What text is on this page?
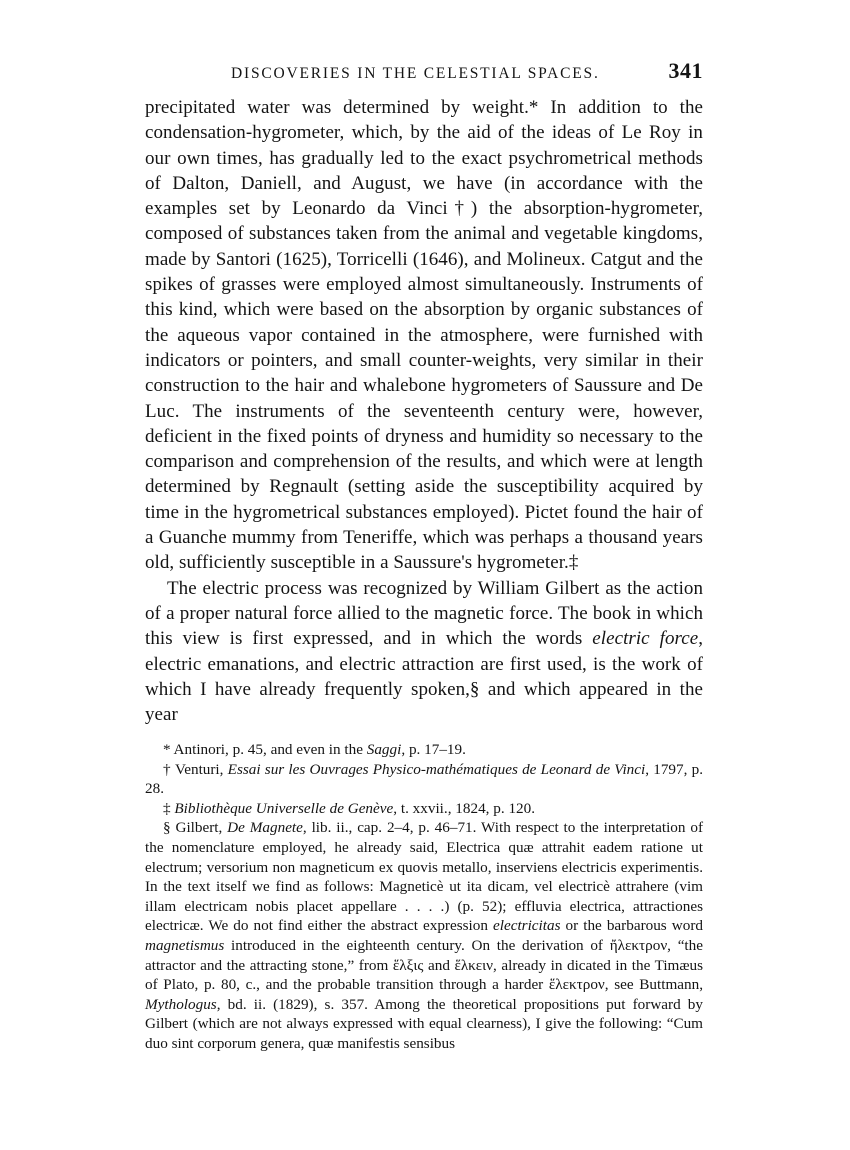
DISCOVERIES IN THE CELESTIAL SPACES.	341

precipitated water was determined by weight.* In addition to the condensation-hygrometer, which, by the aid of the ideas of Le Roy in our own times, has gradually led to the exact psychrometrical methods of Dalton, Daniell, and August, we have (in accordance with the examples set by Leonardo da Vinci†) the absorption-hygrometer, composed of substances taken from the animal and vegetable kingdoms, made by Santori (1625), Torricelli (1646), and Molineux. Catgut and the spikes of grasses were employed almost simultaneously. Instruments of this kind, which were based on the absorption by organic substances of the aqueous vapor contained in the atmosphere, were furnished with indicators or pointers, and small counter-weights, very similar in their construction to the hair and whalebone hygrometers of Saussure and De Luc. The instruments of the seventeenth century were, however, deficient in the fixed points of dryness and humidity so necessary to the comparison and comprehension of the results, and which were at length determined by Regnault (setting aside the susceptibility acquired by time in the hygrometrical substances employed). Pictet found the hair of a Guanche mummy from Teneriffe, which was perhaps a thousand years old, sufficiently susceptible in a Saussure's hygrometer.‡

The electric process was recognized by William Gilbert as the action of a proper natural force allied to the magnetic force. The book in which this view is first expressed, and in which the words electric force, electric emanations, and electric attraction are first used, is the work of which I have already frequently spoken,§ and which appeared in the year

* Antinori, p. 45, and even in the Saggi, p. 17–19.

† Venturi, Essai sur les Ouvrages Physico-mathématiques de Leonard de Vinci, 1797, p. 28.

‡ Bibliothèque Universelle de Genève, t. xxvii., 1824, p. 120.

§ Gilbert, De Magnete, lib. ii., cap. 2–4, p. 46–71. With respect to the interpretation of the nomenclature employed, he already said, Electrica quæ attrahit eadem ratione ut electrum; versorium non magneticum ex quovis metallo, inserviens electricis experimentis. In the text itself we find as follows: Magneticè ut ita dicam, vel electricè attrahere (vim illam electricam nobis placet appellare . . . .) (p. 52); effluvia electrica, attractiones electricæ. We do not find either the abstract expression electricitas or the barbarous word magnetismus introduced in the eighteenth century. On the derivation of ἤλεκτρον, “the attractor and the attracting stone,” from ἕλξις and ἕλκειν, already in dicated in the Timæus of Plato, p. 80, c., and the probable transition through a harder ἕλεκτρον, see Buttmann, Mythologus, bd. ii. (1829), s. 357. Among the theoretical propositions put forward by Gilbert (which are not always expressed with equal clearness), I give the following: “Cum duo sint corporum genera, quæ manifestis sensibus
